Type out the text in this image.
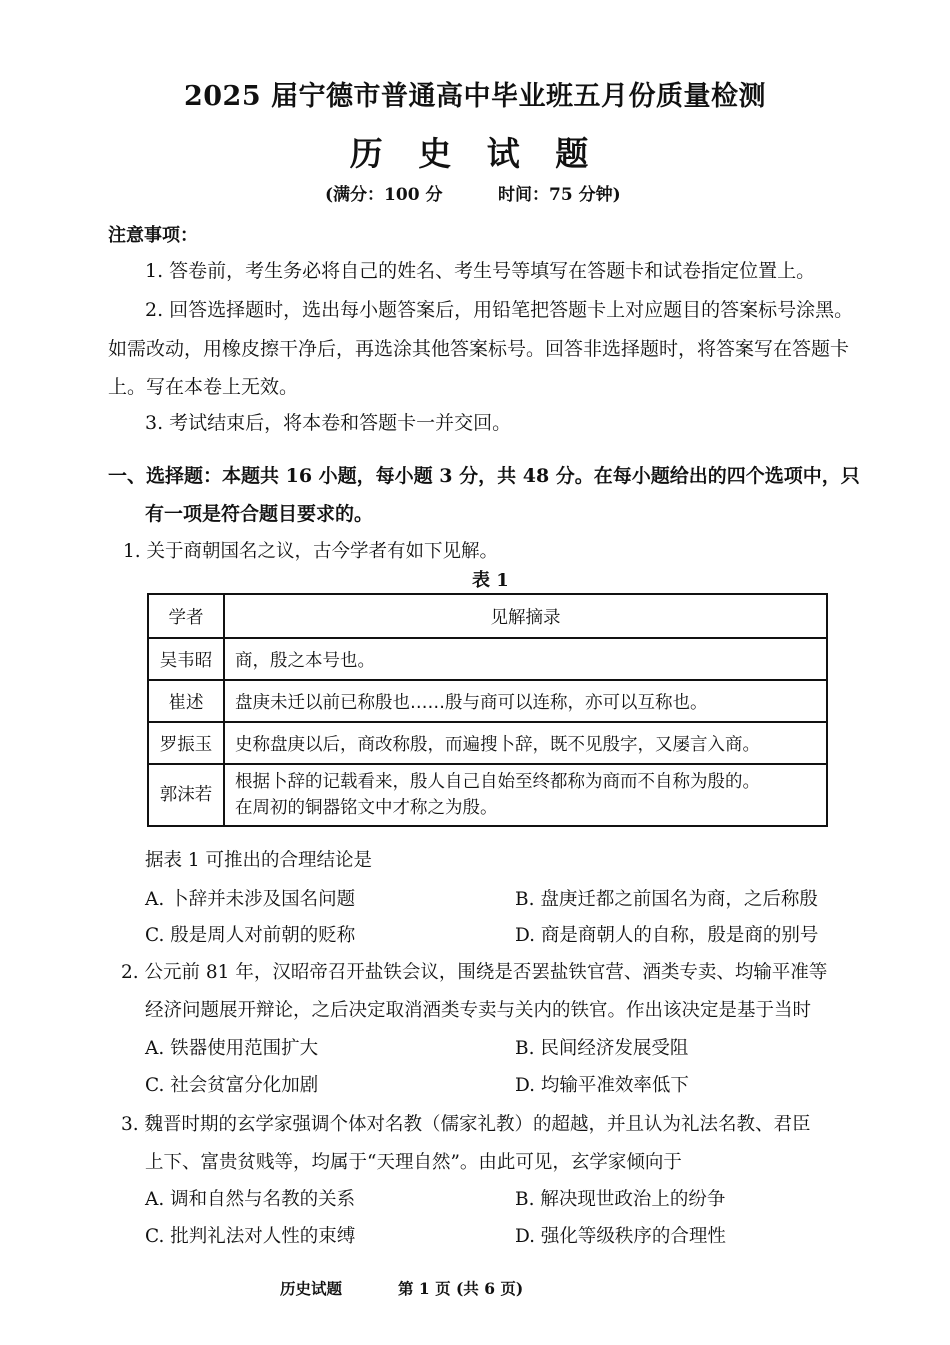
2025 届宁德市普通高中毕业班五月份质量检测
历 史 试 题
(满分：100 分	时间：75 分钟)
注意事项：
1. 答卷前，考生务必将自己的姓名、考生号等填写在答题卡和试卷指定位置上。
2. 回答选择题时，选出每小题答案后，用铅笔把答题卡上对应题目的答案标号涂黑。
如需改动，用橡皮擦干净后，再选涂其他答案标号。回答非选择题时，将答案写在答题卡
上。写在本卷上无效。
3. 考试结束后，将本卷和答题卡一并交回。
一、选择题：本题共 16 小题，每小题 3 分，共 48 分。在每小题给出的四个选项中，只
有一项是符合题目要求的。
1. 关于商朝国名之议，古今学者有如下见解。
表 1
学者	见解摘录
吴韦昭	商，殷之本号也。
崔述	盘庚未迁以前已称殷也……殷与商可以连称，亦可以互称也。
罗振玉	史称盘庚以后，商改称殷，而遍搜卜辞，既不见殷字，又屡言入商。
郭沫若	根据卜辞的记载看来，殷人自己自始至终都称为商而不自称为殷的。
在周初的铜器铭文中才称之为殷。
据表 1 可推出的合理结论是
A. 卜辞并未涉及国名问题	B. 盘庚迁都之前国名为商，之后称殷
C. 殷是周人对前朝的贬称	D. 商是商朝人的自称，殷是商的别号
2. 公元前 81 年，汉昭帝召开盐铁会议，围绕是否罢盐铁官营、酒类专卖、均输平准等
经济问题展开辩论，之后决定取消酒类专卖与关内的铁官。作出该决定是基于当时
A. 铁器使用范围扩大	B. 民间经济发展受阻
C. 社会贫富分化加剧	D. 均输平准效率低下
3. 魏晋时期的玄学家强调个体对名教（儒家礼教）的超越，并且认为礼法名教、君臣
上下、富贵贫贱等，均属于“天理自然”。由此可见，玄学家倾向于
A. 调和自然与名教的关系	B. 解决现世政治上的纷争
C. 批判礼法对人性的束缚	D. 强化等级秩序的合理性
历史试题	第 1 页 (共 6 页)
